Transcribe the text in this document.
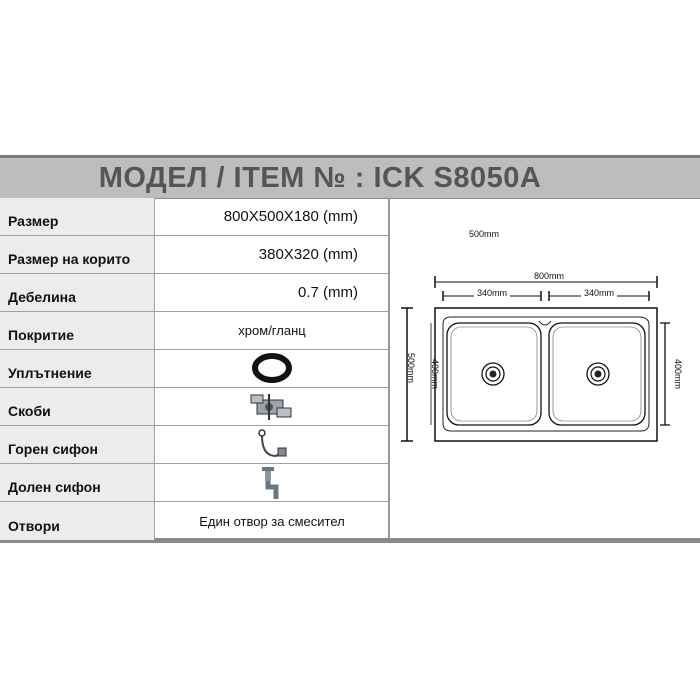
МОДЕЛ / ITEM № : ICK S8050A
Размер	800X500X180 (mm)
Размер на корито	380X320 (mm)
Дебелина	0.7 (mm)
Покритие	хром/гланц
Уплътнение
Скоби
Горен сифон
Долен сифон
Отвори	Един отвор за смесител
500mm
800mm
340mm	340mm
500mm 400mm	400mm
